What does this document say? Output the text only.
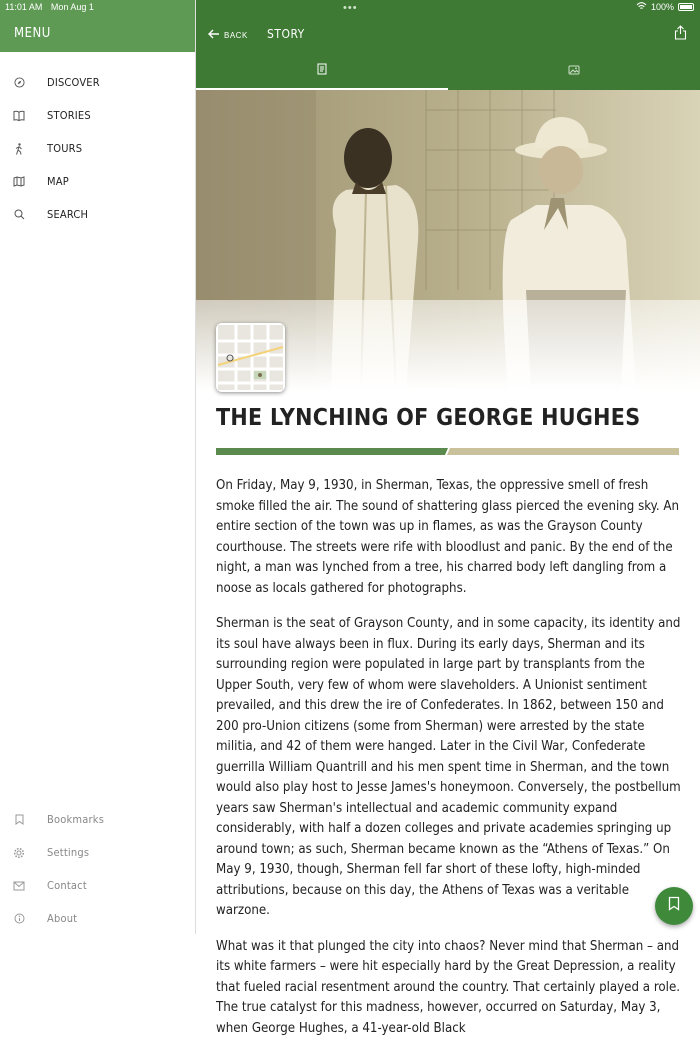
11:01 AM Mon Aug 1
MENU
DISCOVER
STORIES
TOURS
MAP
SEARCH
Bookmarks
Settings
Contact
About
•••	100%
BACK STORY
THE LYNCHING OF GEORGE HUGHES

On Friday, May 9, 1930, in Sherman, Texas, the oppressive smell of fresh smoke filled the air. The sound of shattering glass pierced the evening sky. An entire section of the town was up in flames, as was the Grayson County courthouse. The streets were rife with bloodlust and panic. By the end of the night, a man was lynched from a tree, his charred body left dangling from a noose as locals gathered for photographs.

Sherman is the seat of Grayson County, and in some capacity, its identity and its soul have always been in flux. During its early days, Sherman and its surrounding region were populated in large part by transplants from the Upper South, very few of whom were slaveholders. A Unionist sentiment prevailed, and this drew the ire of Confederates. In 1862, between 150 and 200 pro-Union citizens (some from Sherman) were arrested by the state militia, and 42 of them were hanged. Later in the Civil War, Confederate guerrilla William Quantrill and his men spent time in Sherman, and the town would also play host to Jesse James's honeymoon. Conversely, the postbellum years saw Sherman's intellectual and academic community expand considerably, with half a dozen colleges and private academies springing up around town; as such, Sherman became known as the “Athens of Texas.” On May 9, 1930, though, Sherman fell far short of these lofty, high-minded attributions, because on this day, the Athens of Texas was a veritable warzone.

What was it that plunged the city into chaos? Never mind that Sherman – and its white farmers – were hit especially hard by the Great Depression, a reality that fueled racial resentment around the country. That certainly played a role. The true catalyst for this madness, however, occurred on Saturday, May 3, when George Hughes, a 41-year-old Black
